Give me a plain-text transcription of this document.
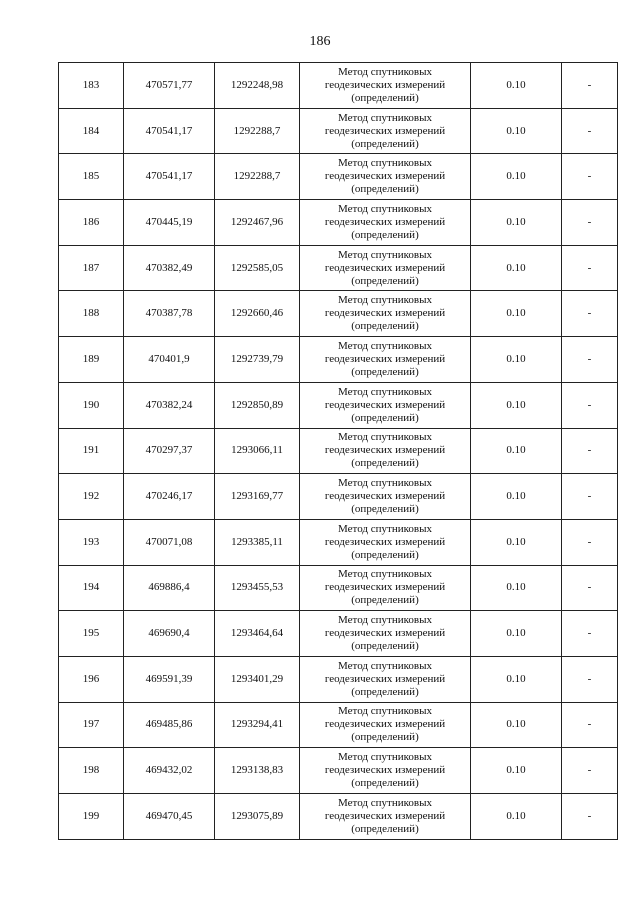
186
183	470571,77	1292248,98	Метод спутниковых
геодезических измерений
(определений)	0.10	-
184	470541,17	1292288,7	Метод спутниковых
геодезических измерений
(определений)	0.10	-
185	470541,17	1292288,7	Метод спутниковых
геодезических измерений
(определений)	0.10	-
186	470445,19	1292467,96	Метод спутниковых
геодезических измерений
(определений)	0.10	-
187	470382,49	1292585,05	Метод спутниковых
геодезических измерений
(определений)	0.10	-
188	470387,78	1292660,46	Метод спутниковых
геодезических измерений
(определений)	0.10	-
189	470401,9	1292739,79	Метод спутниковых
геодезических измерений
(определений)	0.10	-
190	470382,24	1292850,89	Метод спутниковых
геодезических измерений
(определений)	0.10	-
191	470297,37	1293066,11	Метод спутниковых
геодезических измерений
(определений)	0.10	-
192	470246,17	1293169,77	Метод спутниковых
геодезических измерений
(определений)	0.10	-
193	470071,08	1293385,11	Метод спутниковых
геодезических измерений
(определений)	0.10	-
194	469886,4	1293455,53	Метод спутниковых
геодезических измерений
(определений)	0.10	-
195	469690,4	1293464,64	Метод спутниковых
геодезических измерений
(определений)	0.10	-
196	469591,39	1293401,29	Метод спутниковых
геодезических измерений
(определений)	0.10	-
197	469485,86	1293294,41	Метод спутниковых
геодезических измерений
(определений)	0.10	-
198	469432,02	1293138,83	Метод спутниковых
геодезических измерений
(определений)	0.10	-
199	469470,45	1293075,89	Метод спутниковых
геодезических измерений
(определений)	0.10	-
